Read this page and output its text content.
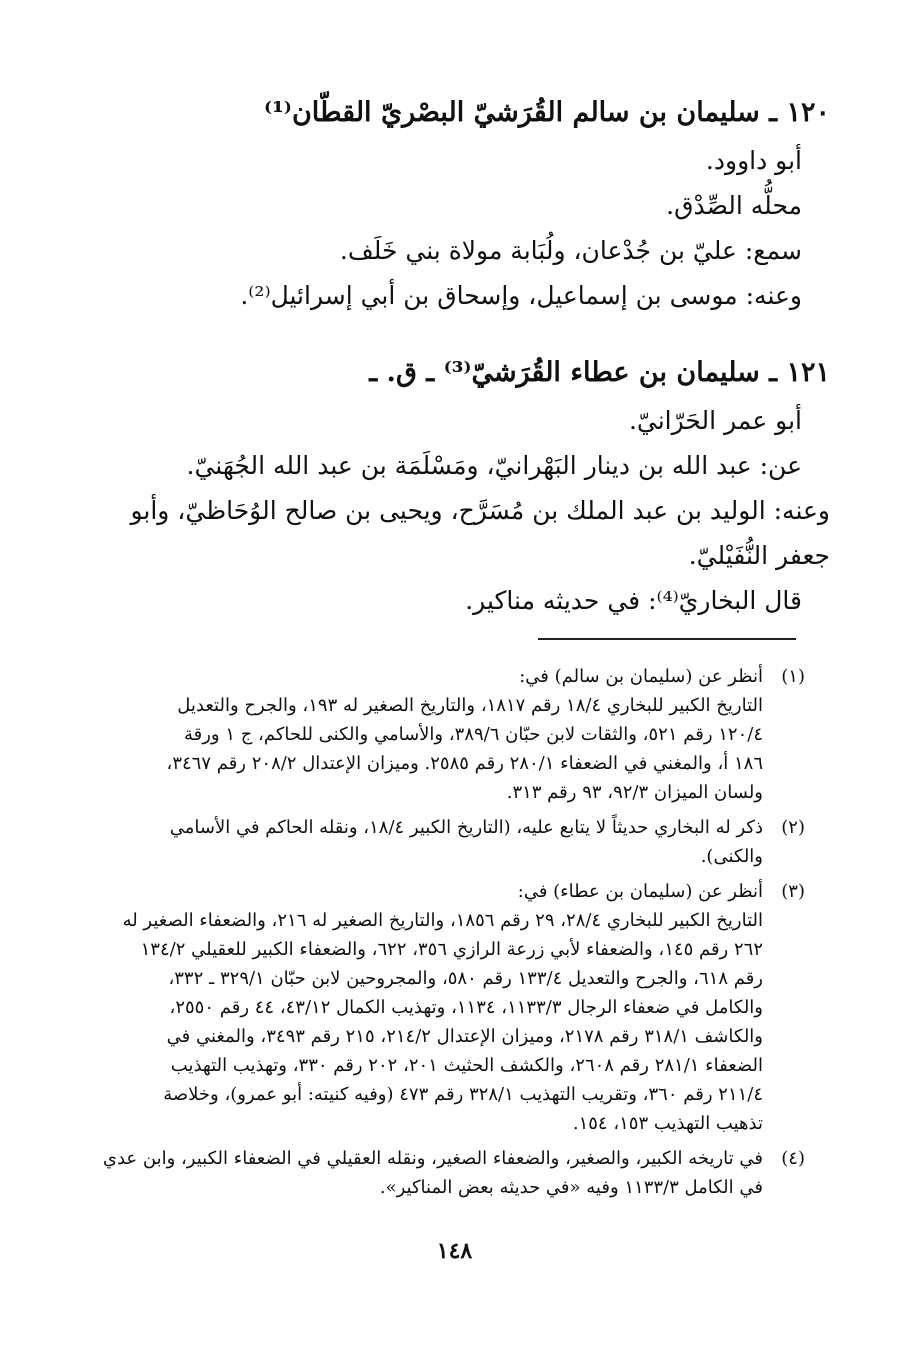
١٢٠ ـ سليمان بن سالم القُرَشيّ البصْريّ القطّان⁽¹⁾
أبو داوود.
محلُّه الصِّدْق.
سمع: عليّ بن جُدْعان، ولُبَابة مولاة بني خَلَف.
وعنه: موسى بن إسماعيل، وإسحاق بن أبي إسرائيل⁽²⁾.
١٢١ ـ سليمان بن عطاء القُرَشيّ⁽³⁾ ـ ق. ـ
أبو عمر الحَرّانيّ.
عن: عبد الله بن دينار البَهْرانيّ، ومَسْلَمَة بن عبد الله الجُهَنيّ.
وعنه: الوليد بن عبد الملك بن مُسَرَّح، ويحيى بن صالح الوُحَاظيّ، وأبو
جعفر النُّفَيْليّ.
قال البخاريّ⁽⁴⁾: في حديثه مناكير.
(١)
أنظر عن (سليمان بن سالم) في:
التاريخ الكبير للبخاري ١٨/٤ رقم ١٨١٧، والتاريخ الصغير له ١٩٣، والجرح والتعديل
١٢٠/٤ رقم ٥٢١، والثقات لابن حبّان ٣٨٩/٦، والأسامي والكنى للحاكم، ج ١ ورقة
١٨٦ أ، والمغني في الضعفاء ٢٨٠/١ رقم ٢٥٨٥. وميزان الإعتدال ٢٠٨/٢ رقم ٣٤٦٧،
ولسان الميزان ٩٢/٣، ٩٣ رقم ٣١٣.
(٢)
ذكر له البخاري حديثاً لا يتابع عليه، (التاريخ الكبير ١٨/٤، ونقله الحاكم في الأسامي
والكنى).
(٣)
أنظر عن (سليمان بن عطاء) في:
التاريخ الكبير للبخاري ٢٨/٤، ٢٩ رقم ١٨٥٦، والتاريخ الصغير له ٢١٦، والضعفاء الصغير له
٢٦٢ رقم ١٤٥، والضعفاء لأبي زرعة الرازي ٣٥٦، ٦٢٢، والضعفاء الكبير للعقيلي ١٣٤/٢
رقم ٦١٨، والجرح والتعديل ١٣٣/٤ رقم ٥٨٠، والمجروحين لابن حبّان ٣٢٩/١ ـ ٣٣٢،
والكامل في ضعفاء الرجال ١١٣٣/٣، ١١٣٤، وتهذيب الكمال ٤٣/١٢، ٤٤ رقم ٢٥٥٠،
والكاشف ٣١٨/١ رقم ٢١٧٨، وميزان الإعتدال ٢١٤/٢، ٢١٥ رقم ٣٤٩٣، والمغني في
الضعفاء ٢٨١/١ رقم ٢٦٠٨، والكشف الحثيث ٢٠١، ٢٠٢ رقم ٣٣٠، وتهذيب التهذيب
٢١١/٤ رقم ٣٦٠، وتقريب التهذيب ٣٢٨/١ رقم ٤٧٣ (وفيه كنيته: أبو عمرو)، وخلاصة
تذهيب التهذيب ١٥٣، ١٥٤.
(٤)
في تاريخه الكبير، والصغير، والضعفاء الصغير، ونقله العقيلي في الضعفاء الكبير، وابن عدي
في الكامل ١١٣٣/٣ وفيه «في حديثه بعض المناكير».
١٤٨
